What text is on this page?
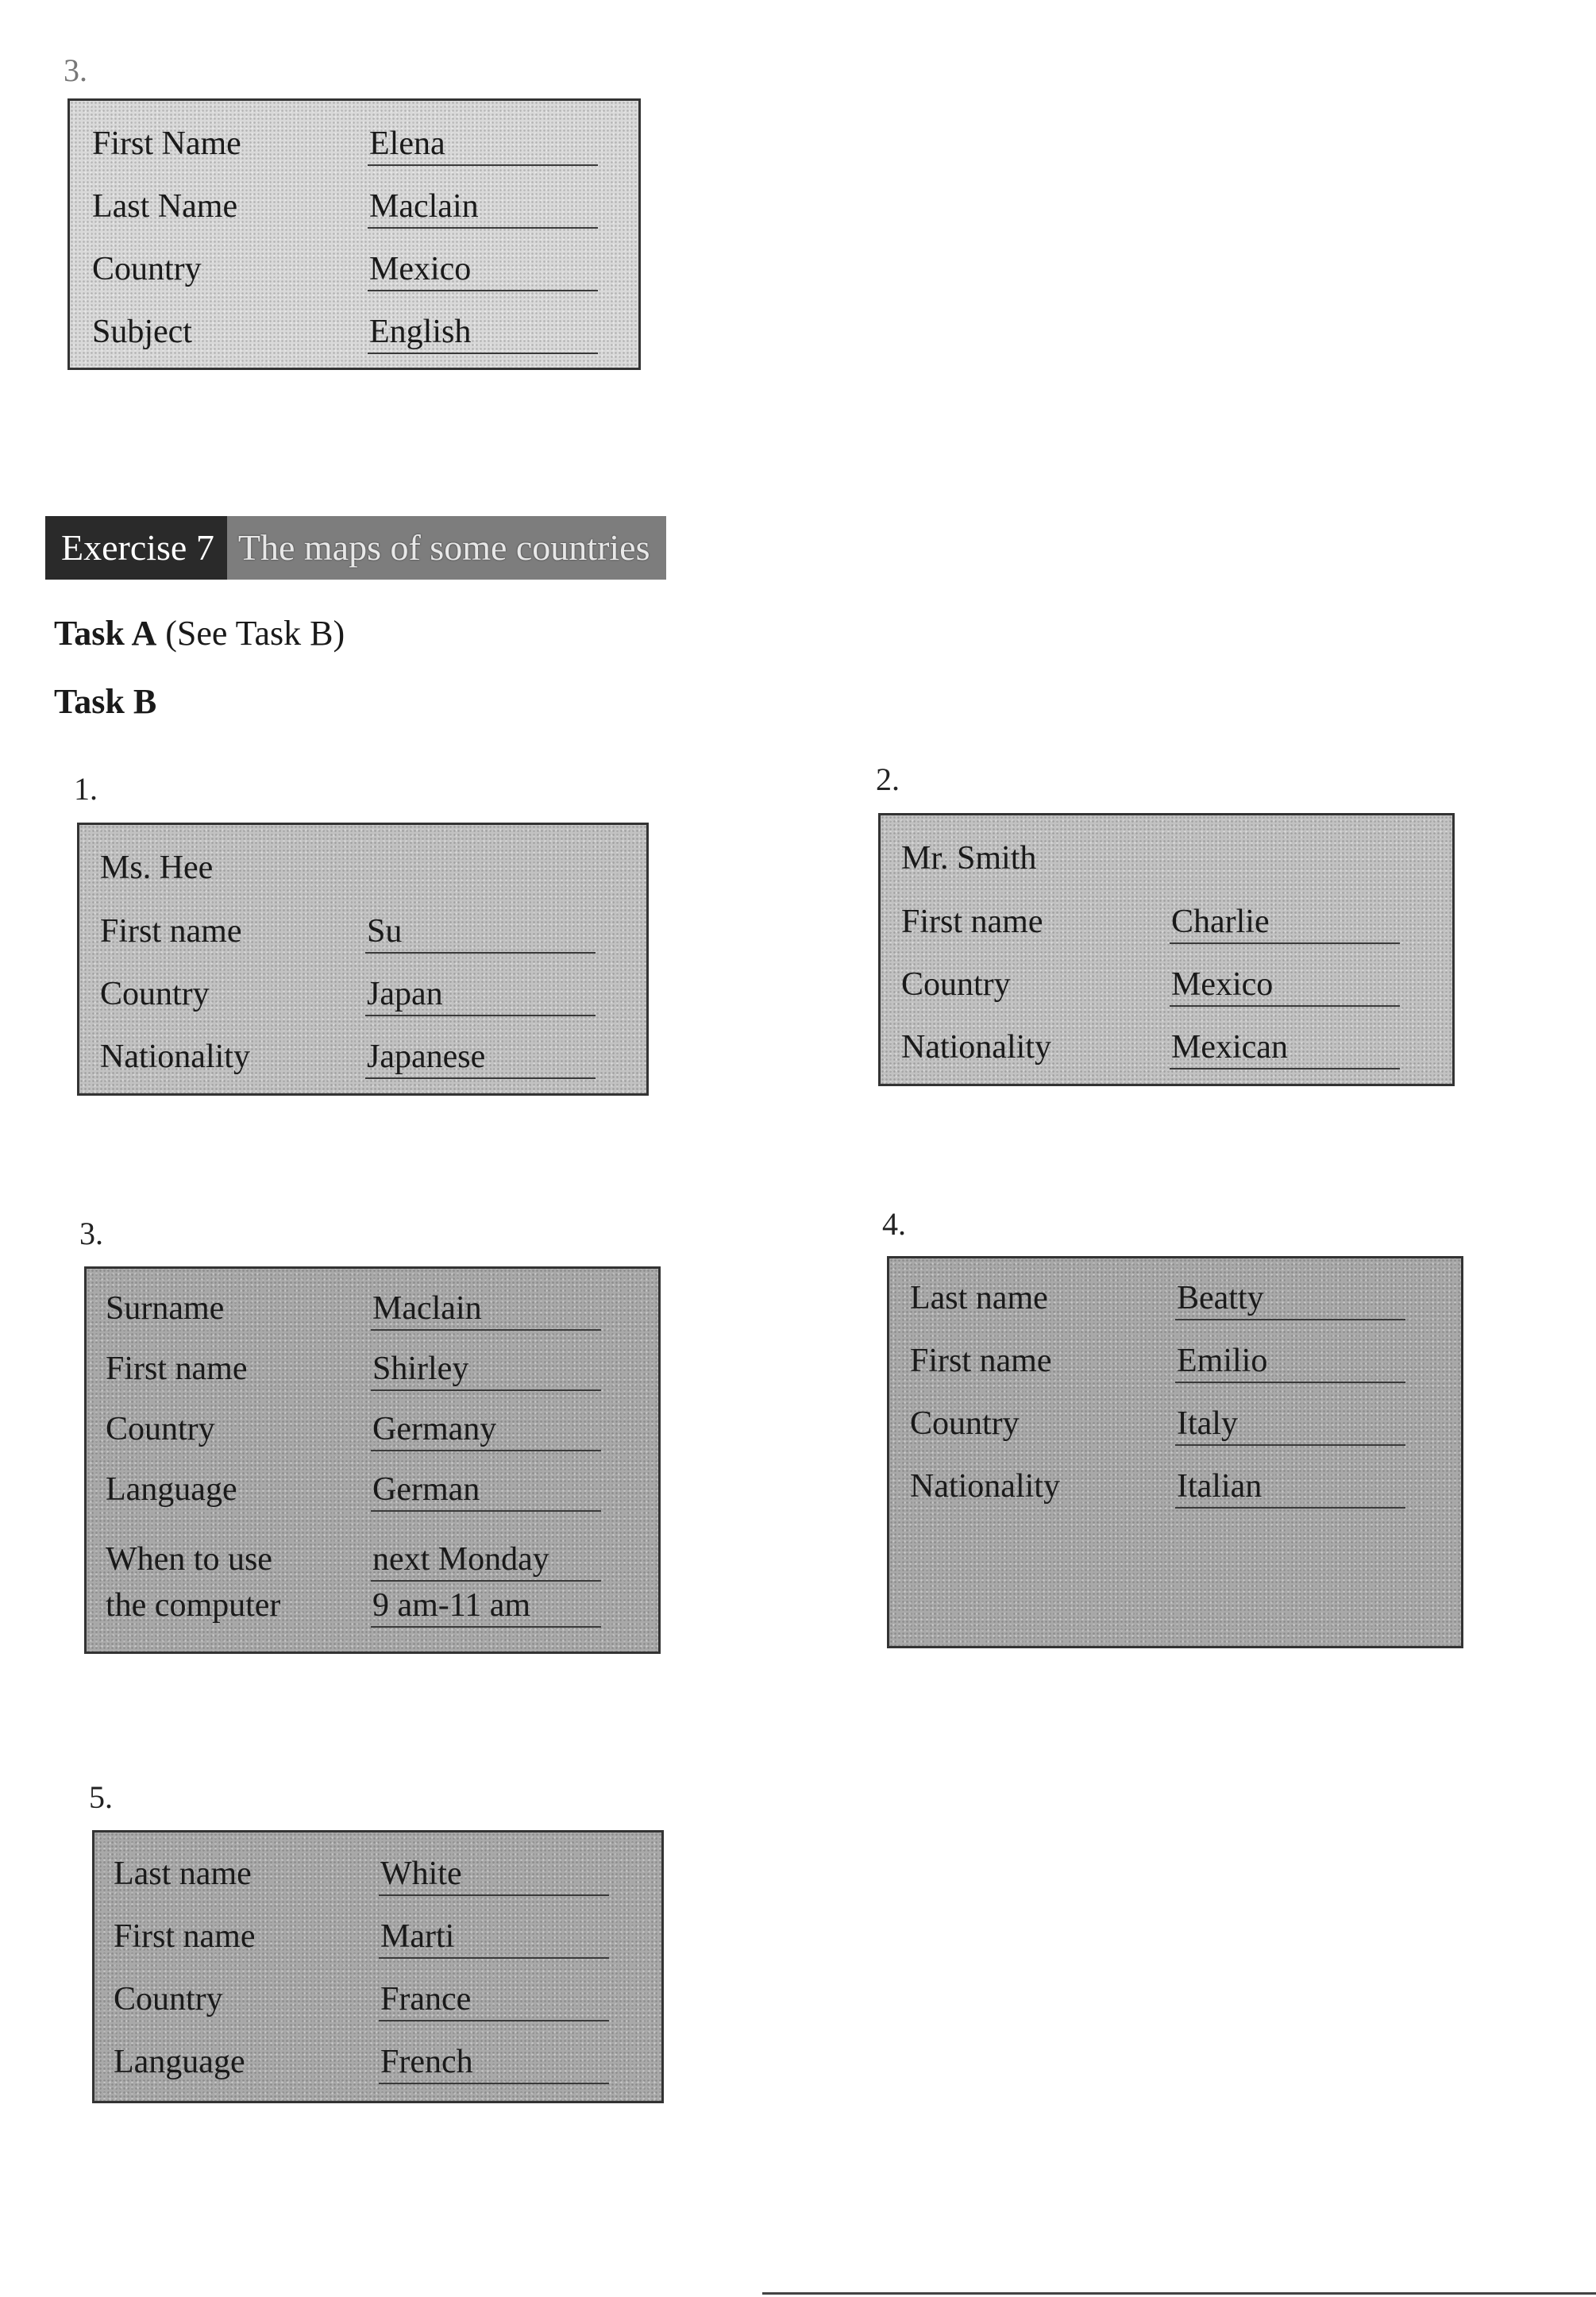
3.
First Name	Elena
Last Name	Maclain
Country	Mexico
Subject	English
Exercise 7 The maps of some countries
Task A (See Task B)
Task B
1.
Ms. Hee
First name	Su
Country	Japan
Nationality	Japanese
2.
Mr. Smith
First name	Charlie
Country	Mexico
Nationality	Mexican
3.
Surname	Maclain
First name	Shirley
Country	Germany
Language	German
When to use	next Monday
the computer	9 am-11 am
4.
Last name	Beatty
First name	Emilio
Country	Italy
Nationality	Italian
5.
Last name	White
First name	Marti
Country	France
Language	French
